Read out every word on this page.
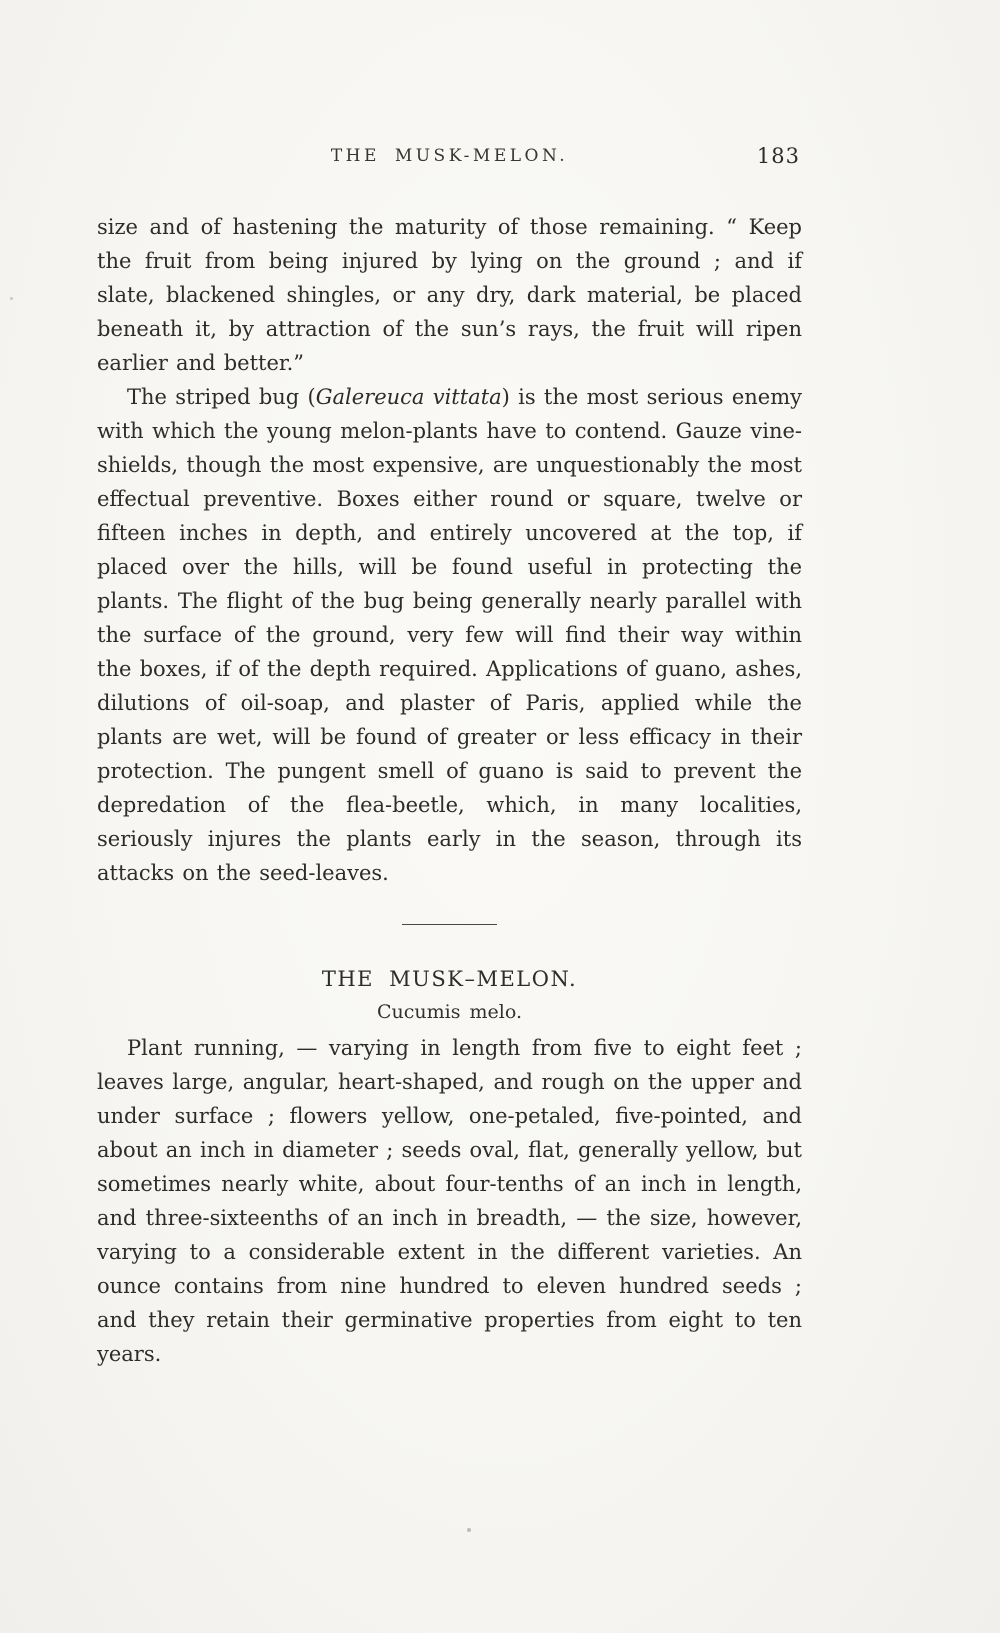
THE MUSK-MELON.	183

size and of hastening the maturity of those remaining. “ Keep the fruit from being injured by lying on the ground ; and if slate, blackened shingles, or any dry, dark material, be placed beneath it, by attraction of the sun’s rays, the fruit will ripen earlier and better.”

The striped bug (Galereuca vittata) is the most serious enemy with which the young melon-plants have to contend. Gauze vine-shields, though the most expensive, are unquestionably the most effectual preventive. Boxes either round or square, twelve or fifteen inches in depth, and entirely uncovered at the top, if placed over the hills, will be found useful in protecting the plants. The flight of the bug being generally nearly parallel with the surface of the ground, very few will find their way within the boxes, if of the depth required. Applications of guano, ashes, dilutions of oil-soap, and plaster of Paris, applied while the plants are wet, will be found of greater or less efficacy in their protection. The pungent smell of guano is said to prevent the depredation of the flea-beetle, which, in many localities, seriously injures the plants early in the season, through its attacks on the seed-leaves.

THE MUSK–MELON.
Cucumis melo.

Plant running, — varying in length from five to eight feet ; leaves large, angular, heart-shaped, and rough on the upper and under surface ; flowers yellow, one-petaled, five-pointed, and about an inch in diameter ; seeds oval, flat, generally yellow, but sometimes nearly white, about four-tenths of an inch in length, and three-sixteenths of an inch in breadth, — the size, however, varying to a considerable extent in the different varieties. An ounce contains from nine hundred to eleven hundred seeds ; and they retain their germinative properties from eight to ten years.
